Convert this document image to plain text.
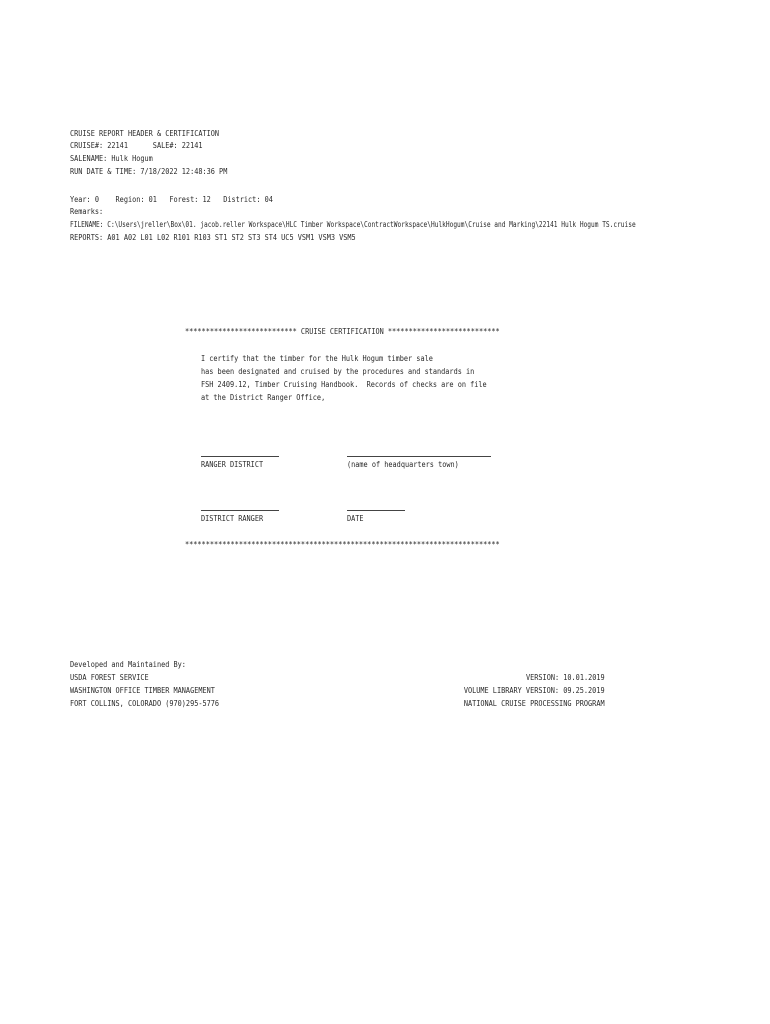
CRUISE REPORT HEADER & CERTIFICATION
CRUISE#: 22141      SALE#: 22141
SALENAME: Hulk Hogum
RUN DATE & TIME: 7/18/2022 12:48:36 PM
Year: 0    Region: 01   Forest: 12   District: 04
Remarks:
FILENAME: C:\Users\jreller\Box\01. jacob.reller Workspace\HLC Timber Workspace\ContractWorkspace\HulkHogum\Cruise and Marking\22141 Hulk Hogum TS.cruise
REPORTS: A01 A02 L01 L02 R101 R103 ST1 ST2 ST3 ST4 UC5 VSM1 VSM3 VSM5
*************************** CRUISE CERTIFICATION ***************************
I certify that the timber for the Hulk Hogum timber sale
has been designated and cruised by the procedures and standards in
FSH 2409.12, Timber Cruising Handbook.  Records of checks are on file
at the District Ranger Office,
RANGER DISTRICT	(name of headquarters town)
DISTRICT RANGER	DATE
****************************************************************************
Developed and Maintained By:
USDA FOREST SERVICE
WASHINGTON OFFICE TIMBER MANAGEMENT
FORT COLLINS, COLORADO (970)295-5776
VERSION: 10.01.2019
VOLUME LIBRARY VERSION: 09.25.2019
NATIONAL CRUISE PROCESSING PROGRAM
